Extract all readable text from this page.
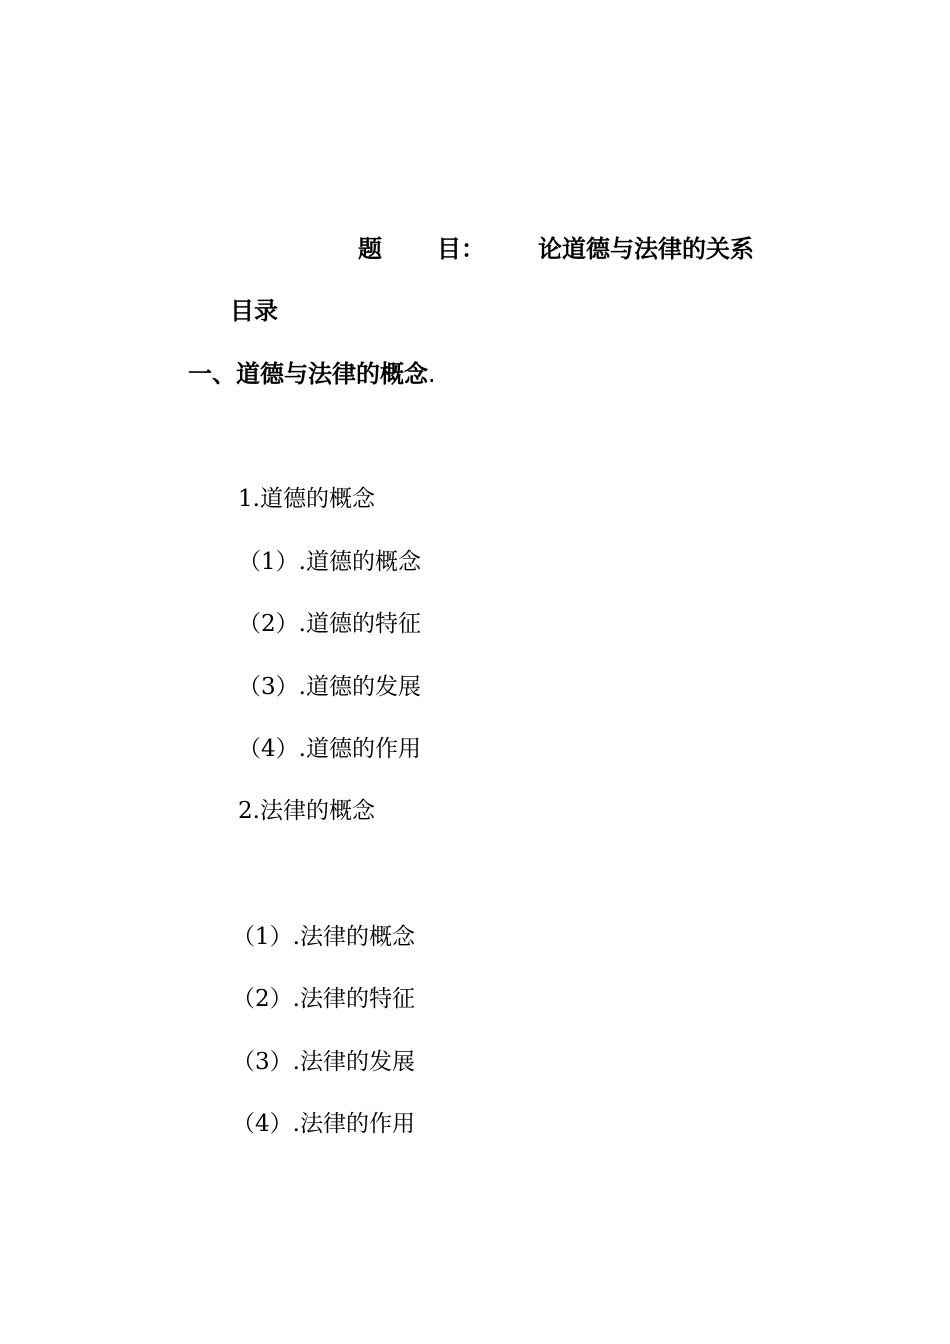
题 目： 论道德与法律的关系
目录
一、道德与法律的概念.
1.道德的概念
（1）.道德的概念
（2）.道德的特征
（3）.道德的发展
（4）.道德的作用
2.法律的概念
（1）.法律的概念
（2）.法律的特征
（3）.法律的发展
（4）.法律的作用
